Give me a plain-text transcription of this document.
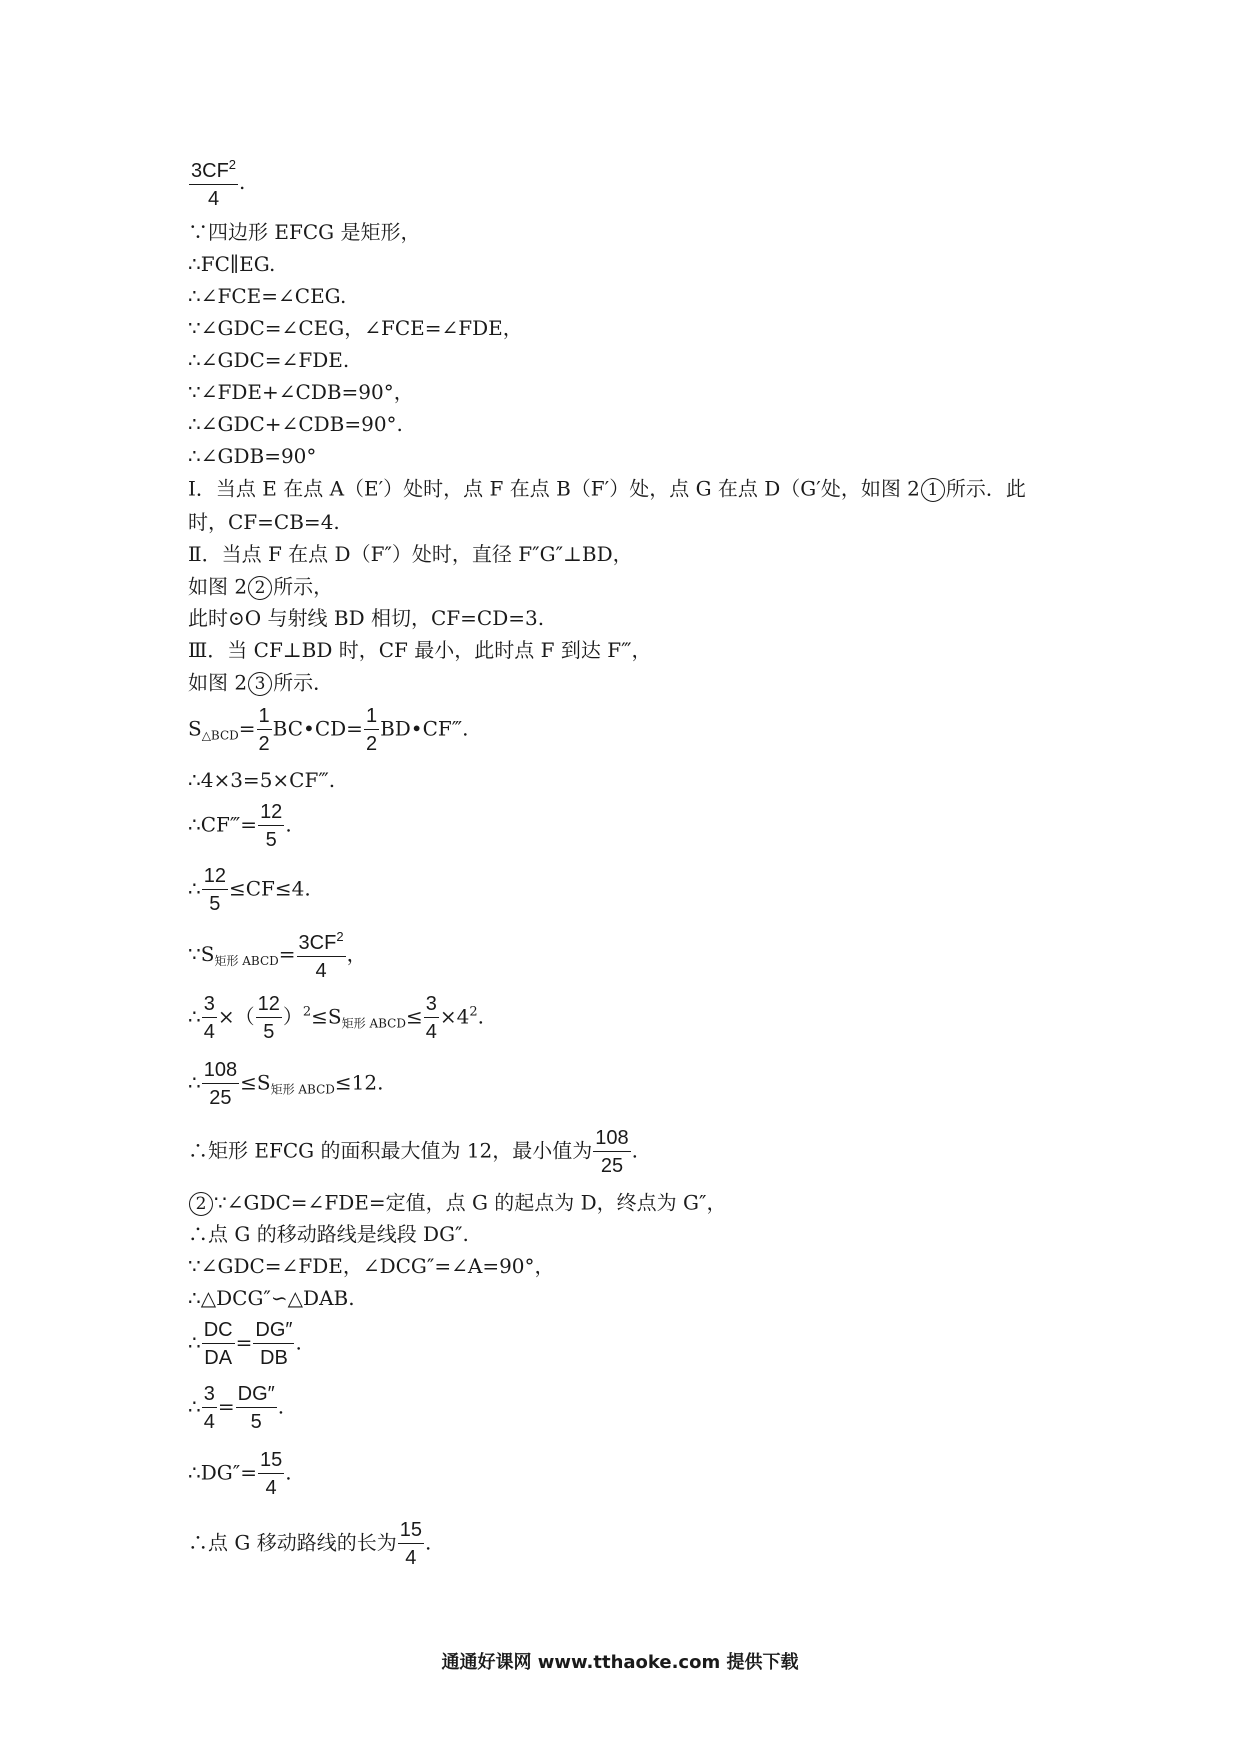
$\frac{3CF^2}{4}$ .
∵四边形 EFCG 是矩形，
∴FC∥EG.
∴∠FCE=∠CEG.
∵∠GDC=∠CEG，∠FCE=∠FDE，
∴∠GDC=∠FDE.
∵∠FDE+∠CDB=90°，
∴∠GDC+∠CDB=90°.
∴∠GDB=90°
Ⅰ．当点 E 在点 A（E′）处时，点 F 在点 B（F′）处，点 G 在点 D（G′处，如图 2 1 所示．此
时，CF=CB=4.
Ⅱ．当点 F 在点 D（F″）处时，直径 F″G″⊥BD，
如图 2 2 所示，
此时⊙O 与射线 BD 相切，CF=CD=3.
Ⅲ．当 CF⊥BD 时，CF 最小，此时点 F 到达 F‴，
如图 2 3 所示．
$S_{\triangle BCD}= \frac{1}{2}$ BC•CD= $\frac{1}{2}$ BD•CF‴.
∴4×3=5×CF‴.
∴CF‴= $\frac{12}{5}$ .
∴ $\frac{12}{5} \le CF\le 4$.
$\because S_{矩形 ABCD}= \frac{3CF^2}{4}$ ，
∴ $\frac{3}{4}$ ×（ $\frac{12}{5} )^2\le S_{矩形 ABCD}\le \frac{3}{4} \times 4^2$.
∴ $\frac{108}{25} \le S_{矩形 ABCD}\le 12$.
∴矩形 EFCG 的面积最大值为 12，最小值为 $\frac{108}{25}$ .
2 ∵∠GDC=∠FDE=定值，点 G 的起点为 D，终点为 G″，
∴点 G 的移动路线是线段 DG″.
∵∠GDC=∠FDE，∠DCG″=∠A=90°，
∴△DCG″∽△DAB.
∴ $\frac{DC}{DA} = \frac{DG''}{DB}$ .
∴ $\frac{3}{4} = \frac{DG''}{5}$ .
∴DG″= $\frac{15}{4}$ .
∴点 G 移动路线的长为 $\frac{15}{4}$ .
通通好课网 www.tthaoke.com 提供下载
